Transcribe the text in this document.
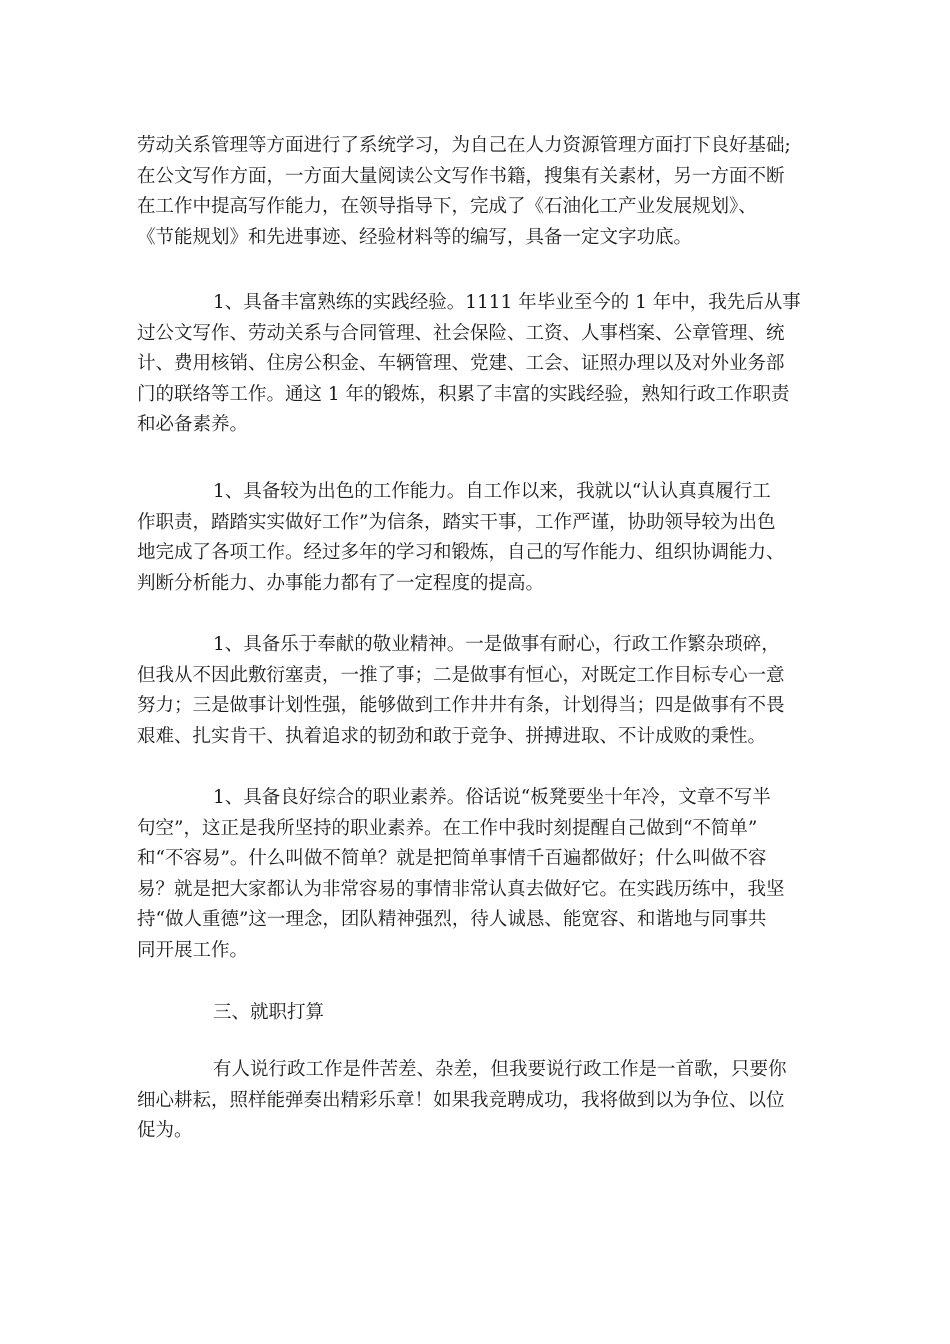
劳动关系管理等方面进行了系统学习，为自己在人力资源管理方面打下良好基础;
在公文写作方面，一方面大量阅读公文写作书籍，搜集有关素材，另一方面不断
在工作中提高写作能力，在领导指导下，完成了《石油化工产业发展规划》、
《节能规划》和先进事迹、经验材料等的编写，具备一定文字功底。
1、具备丰富熟练的实践经验。1111 年毕业至今的 1 年中，我先后从事
过公文写作、劳动关系与合同管理、社会保险、工资、人事档案、公章管理、统
计、费用核销、住房公积金、车辆管理、党建、工会、证照办理以及对外业务部
门的联络等工作。通这 1 年的锻炼，积累了丰富的实践经验，熟知行政工作职责
和必备素养。
1、具备较为出色的工作能力。自工作以来，我就以“认认真真履行工
作职责，踏踏实实做好工作”为信条，踏实干事，工作严谨，协助领导较为出色
地完成了各项工作。经过多年的学习和锻炼，自己的写作能力、组织协调能力、
判断分析能力、办事能力都有了一定程度的提高。
1、具备乐于奉献的敬业精神。一是做事有耐心，行政工作繁杂琐碎，
但我从不因此敷衍塞责，一推了事；二是做事有恒心，对既定工作目标专心一意
努力；三是做事计划性强，能够做到工作井井有条，计划得当；四是做事有不畏
艰难、扎实肯干、执着追求的韧劲和敢于竞争、拼搏进取、不计成败的秉性。
1、具备良好综合的职业素养。俗话说“板凳要坐十年冷，文章不写半
句空”，这正是我所坚持的职业素养。在工作中我时刻提醒自己做到“不简单”
和“不容易”。什么叫做不简单？就是把简单事情千百遍都做好；什么叫做不容
易？就是把大家都认为非常容易的事情非常认真去做好它。在实践历练中，我坚
持“做人重德”这一理念，团队精神强烈，待人诚恳、能宽容、和谐地与同事共
同开展工作。
三、就职打算
有人说行政工作是件苦差、杂差，但我要说行政工作是一首歌，只要你
细心耕耘，照样能弹奏出精彩乐章！如果我竞聘成功，我将做到以为争位、以位
促为。
